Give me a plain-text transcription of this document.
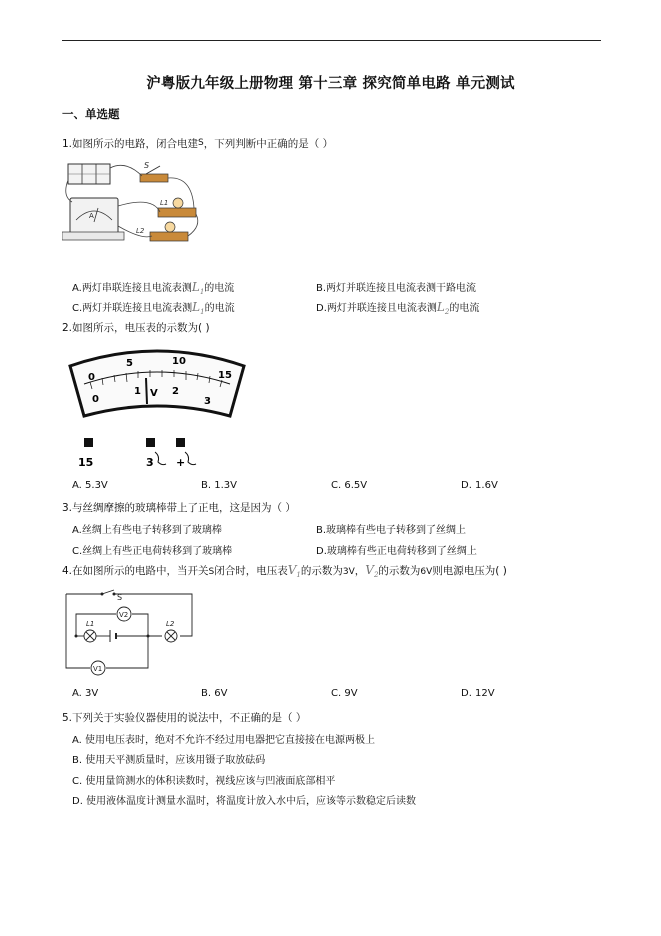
沪粤版九年级上册物理 第十三章 探究简单电路 单元测试
一、单选题
1.如图所示的电路，闭合电建S，下列判断中正确的是（ ）
A
S
L1
L2
A.两灯串联连接且电流表测$L_1$的电流	B.两灯并联连接且电流表测干路电流
C.两灯并联连接且电流表测$L_1$的电流	D.两灯并联连接且电流表测$L_2$的电流
2.如图所示，电压表的示数为( )
0
5	10
15
0
1	2
3
V
15	3 +
A. 5.3V	B. 1.3V	C. 6.5V	D. 1.6V
3.与丝绸摩擦的玻璃棒带上了正电，这是因为（ ）
A.丝绸上有些电子转移到了玻璃棒	B.玻璃棒有些电子转移到了丝绸上
C.丝绸上有些正电荷转移到了玻璃棒	D.玻璃棒有些正电荷转移到了丝绸上
4.在如图所示的电路中，当开关S闭合时，电压表$V_1$的示数为3V，$V_2$的示数为6V则电源电压为( )
S
V2
L1	L2
V1
A. 3V	B. 6V	C. 9V	D. 12V
5.下列关于实验仪器使用的说法中，不正确的是（ ）
A. 使用电压表时，绝对不允许不经过用电器把它直接接在电源两极上
B. 使用天平测质量时，应该用镊子取放砝码
C. 使用量筒测水的体积读数时，视线应该与凹液面底部相平
D. 使用液体温度计测量水温时，将温度计放入水中后，应该等示数稳定后读数
